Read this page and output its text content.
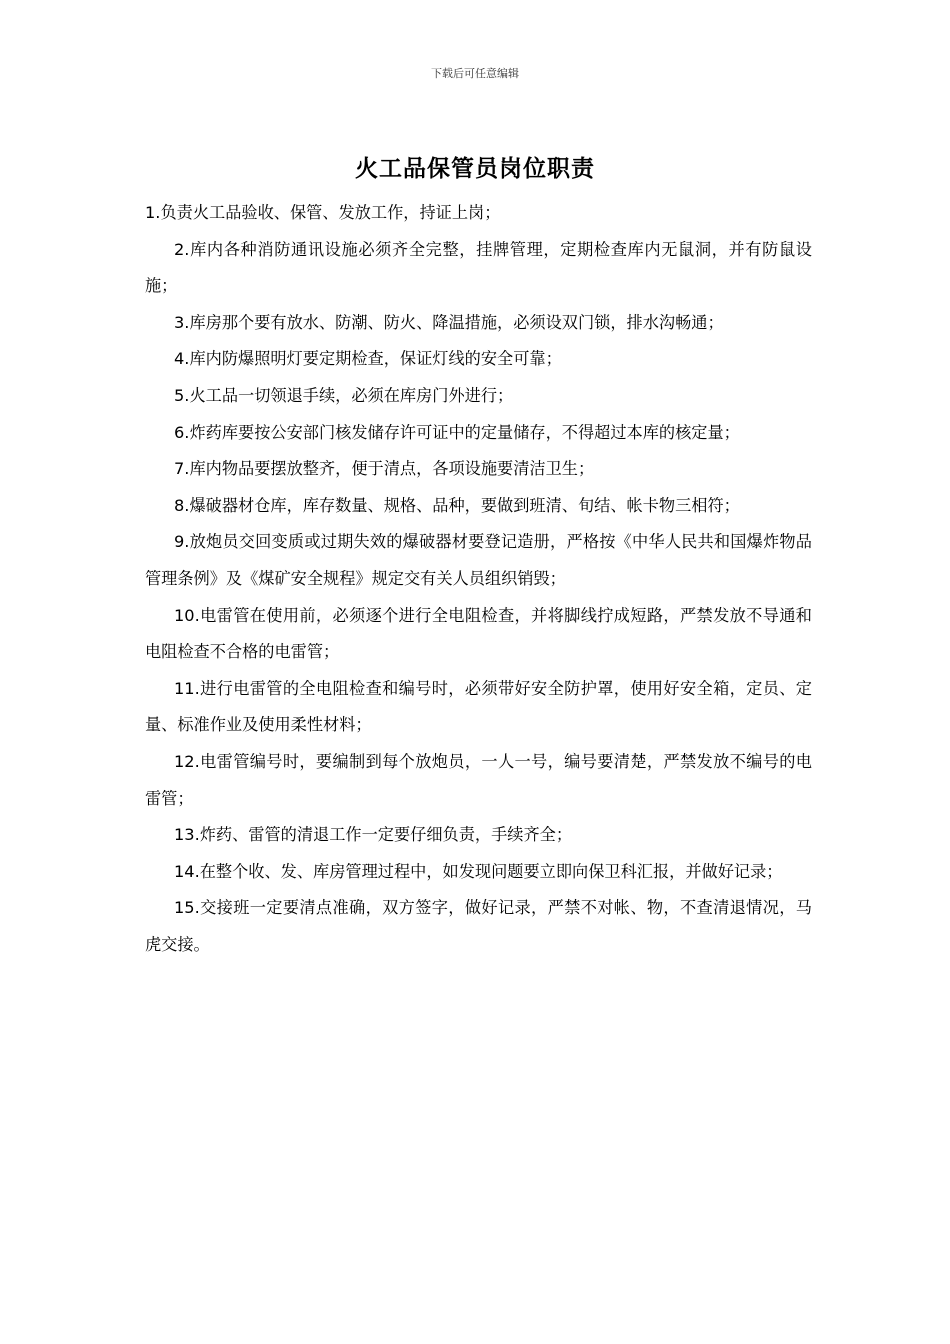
下载后可任意编辑
火工品保管员岗位职责

1.负责火工品验收、保管、发放工作，持证上岗；

2.库内各种消防通讯设施必须齐全完整，挂牌管理，定期检查库内无鼠洞，并有防鼠设施；

3.库房那个要有放水、防潮、防火、降温措施，必须设双门锁，排水沟畅通；

4.库内防爆照明灯要定期检查，保证灯线的安全可靠；

5.火工品一切领退手续，必须在库房门外进行；

6.炸药库要按公安部门核发储存许可证中的定量储存，不得超过本库的核定量；

7.库内物品要摆放整齐，便于清点，各项设施要清洁卫生；

8.爆破器材仓库，库存数量、规格、品种，要做到班清、旬结、帐卡物三相符；

9.放炮员交回变质或过期失效的爆破器材要登记造册，严格按《中华人民共和国爆炸物品管理条例》及《煤矿安全规程》规定交有关人员组织销毁；

10.电雷管在使用前，必须逐个进行全电阻检查，并将脚线拧成短路，严禁发放不导通和电阻检查不合格的电雷管；

11.进行电雷管的全电阻检查和编号时，必须带好安全防护罩，使用好安全箱，定员、定量、标准作业及使用柔性材料；

12.电雷管编号时，要编制到每个放炮员，一人一号，编号要清楚，严禁发放不编号的电雷管；

13.炸药、雷管的清退工作一定要仔细负责，手续齐全；

14.在整个收、发、库房管理过程中，如发现问题要立即向保卫科汇报，并做好记录；

15.交接班一定要清点准确，双方签字，做好记录，严禁不对帐、物，不查清退情况，马虎交接。
